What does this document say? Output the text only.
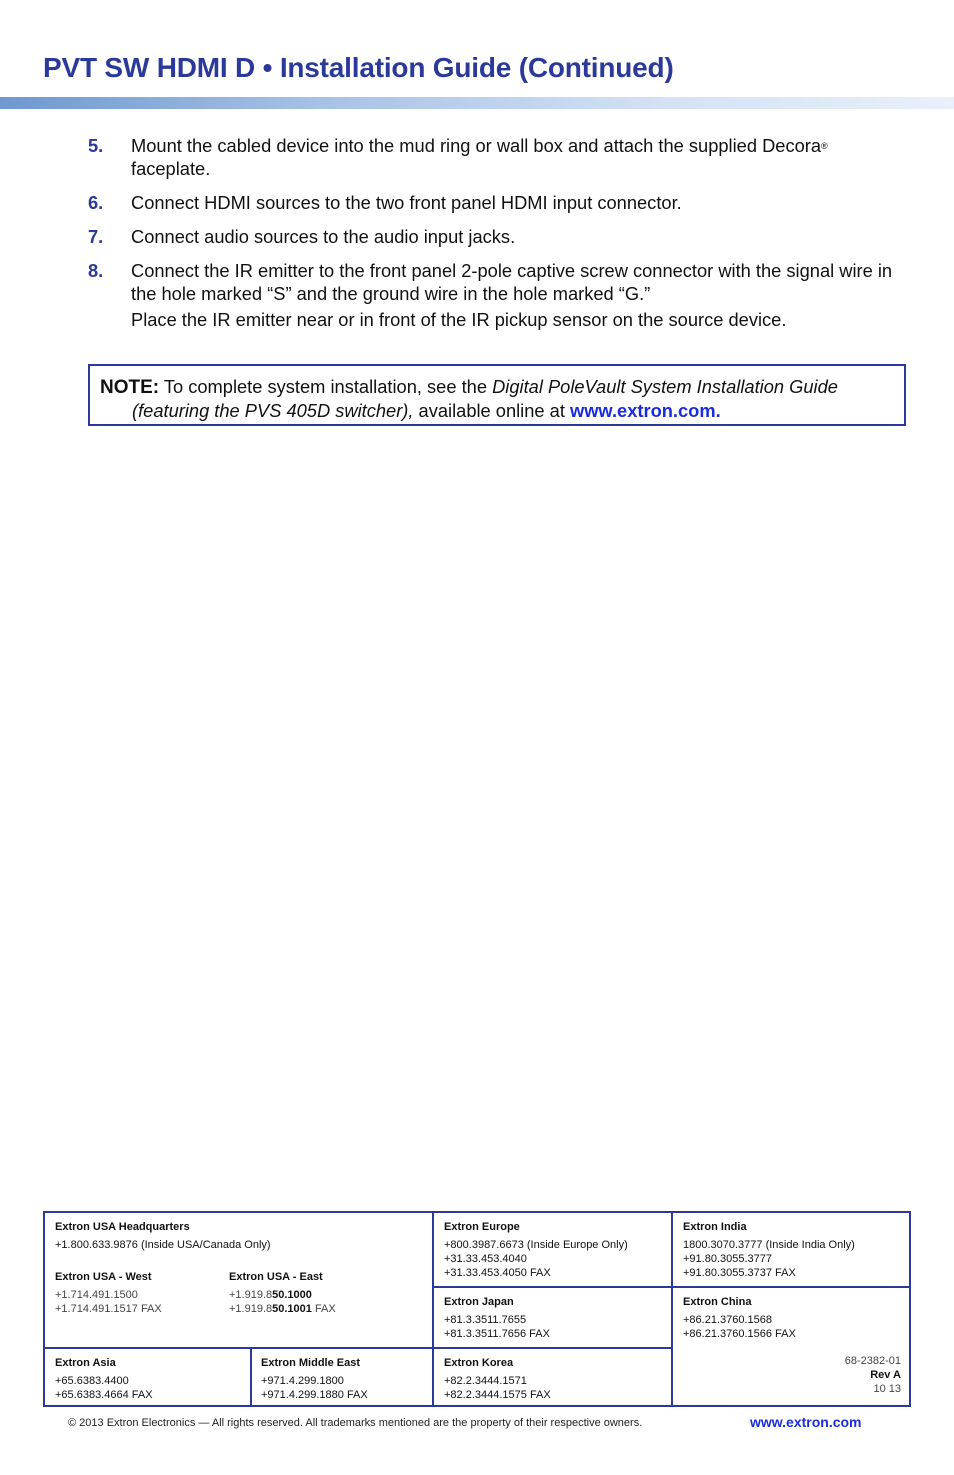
PVT SW HDMI D • Installation Guide (Continued)
5. Mount the cabled device into the mud ring or wall box and attach the supplied Decora®
faceplate.
6. Connect HDMI sources to the two front panel HDMI input connector.
7. Connect audio sources to the audio input jacks.
8. Connect the IR emitter to the front panel 2-pole captive screw connector with the signal wire in the hole marked “S” and the ground wire in the hole marked “G.”
Place the IR emitter near or in front of the IR pickup sensor on the source device.
NOTE: To complete system installation, see the Digital PoleVault System Installation Guide
(featuring the PVS 405D switcher), available online at www.extron.com.
Extron USA Headquarters
+1.800.633.9876 (Inside USA/Canada Only)
Extron USA - West
+1.714.491.1500
+1.714.491.1517 FAX
Extron USA - East
+1.919.850.1000
+1.919.850.1001 FAX
Extron Europe
+800.3987.6673 (Inside Europe Only)
+31.33.453.4040
+31.33.453.4050 FAX
Extron India
1800.3070.3777 (Inside India Only)
+91.80.3055.3777
+91.80.3055.3737 FAX
Extron Japan
+81.3.3511.7655
+81.3.3511.7656 FAX
Extron China
+86.21.3760.1568
+86.21.3760.1566 FAX
Extron Asia
+65.6383.4400
+65.6383.4664 FAX
Extron Middle East
+971.4.299.1800
+971.4.299.1880 FAX
Extron Korea
+82.2.3444.1571
+82.2.3444.1575 FAX
68-2382-01
Rev A
10 13
© 2013 Extron Electronics — All rights reserved. All trademarks mentioned are the property of their respective owners.	www.extron.com
